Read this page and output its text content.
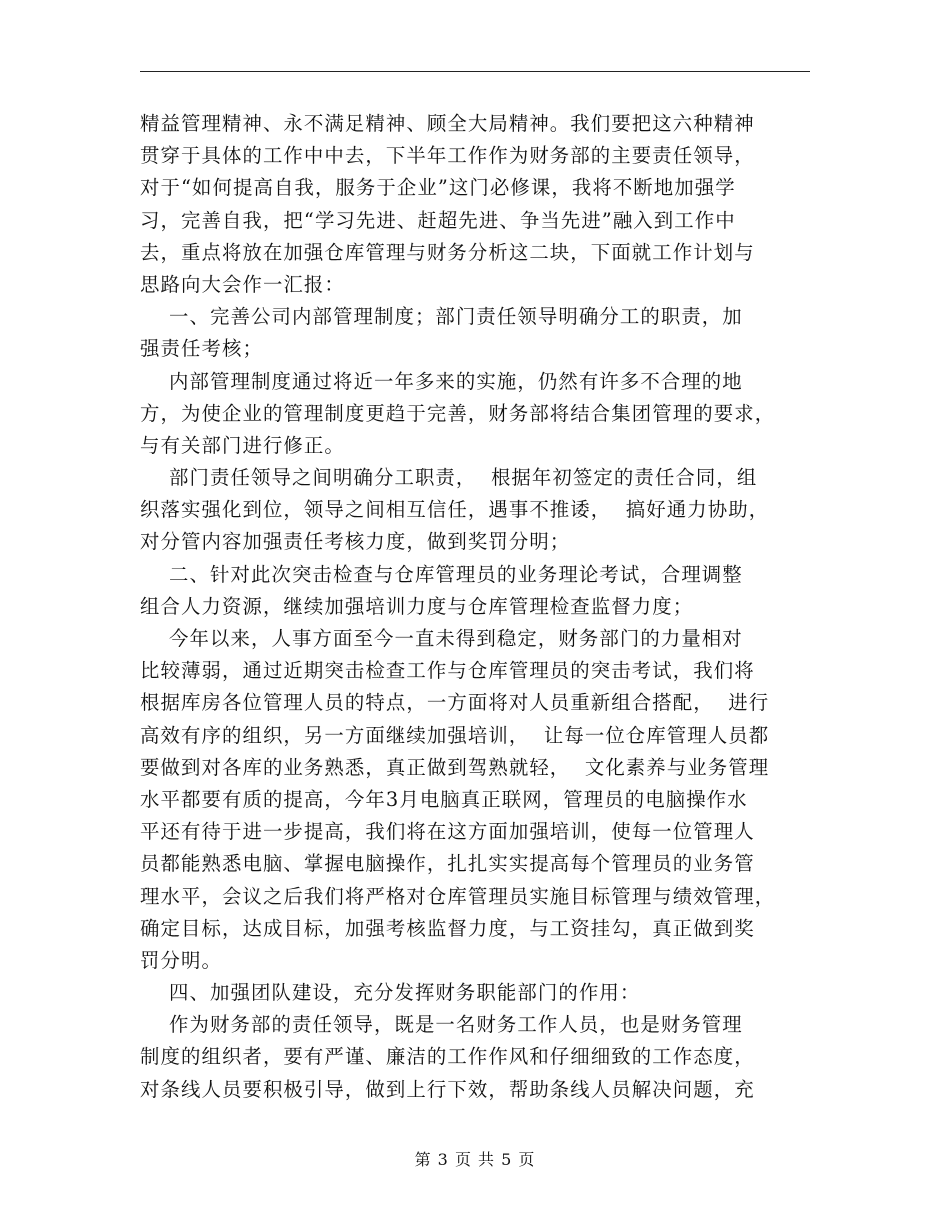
精益管理精神、永不满足精神、顾全大局精神。我们要把这六种精神
贯穿于具体的工作中中去，下半年工作作为财务部的主要责任领导，
对于“如何提高自我，服务于企业”这门必修课，我将不断地加强学
习，完善自我，把“学习先进、赶超先进、争当先进”融入到工作中
去，重点将放在加强仓库管理与财务分析这二块，下面就工作计划与
思路向大会作一汇报：
一、完善公司内部管理制度；部门责任领导明确分工的职责，加
强责任考核；
内部管理制度通过将近一年多来的实施，仍然有许多不合理的地
方，为使企业的管理制度更趋于完善，财务部将结合集团管理的要求，
与有关部门进行修正。
部门责任领导之间明确分工职责，  根据年初签定的责任合同，组
织落实强化到位，领导之间相互信任，遇事不推诿，  搞好通力协助，
对分管内容加强责任考核力度，做到奖罚分明；
二、针对此次突击检查与仓库管理员的业务理论考试，合理调整
组合人力资源，继续加强培训力度与仓库管理检查监督力度；
今年以来，人事方面至今一直未得到稳定，财务部门的力量相对
比较薄弱，通过近期突击检查工作与仓库管理员的突击考试，我们将
根据库房各位管理人员的特点，一方面将对人员重新组合搭配，  进行
高效有序的组织，另一方面继续加强培训，  让每一位仓库管理人员都
要做到对各库的业务熟悉，真正做到驾熟就轻，  文化素养与业务管理
水平都要有质的提高，今年3月电脑真正联网，管理员的电脑操作水
平还有待于进一步提高，我们将在这方面加强培训，使每一位管理人
员都能熟悉电脑、掌握电脑操作，扎扎实实提高每个管理员的业务管
理水平，会议之后我们将严格对仓库管理员实施目标管理与绩效管理，
确定目标，达成目标，加强考核监督力度，与工资挂勾，真正做到奖
罚分明。
四、加强团队建设，充分发挥财务职能部门的作用：
作为财务部的责任领导，既是一名财务工作人员，也是财务管理
制度的组织者，要有严谨、廉洁的工作作风和仔细细致的工作态度，
对条线人员要积极引导，做到上行下效，帮助条线人员解决问题，充
第 3 页 共 5 页
